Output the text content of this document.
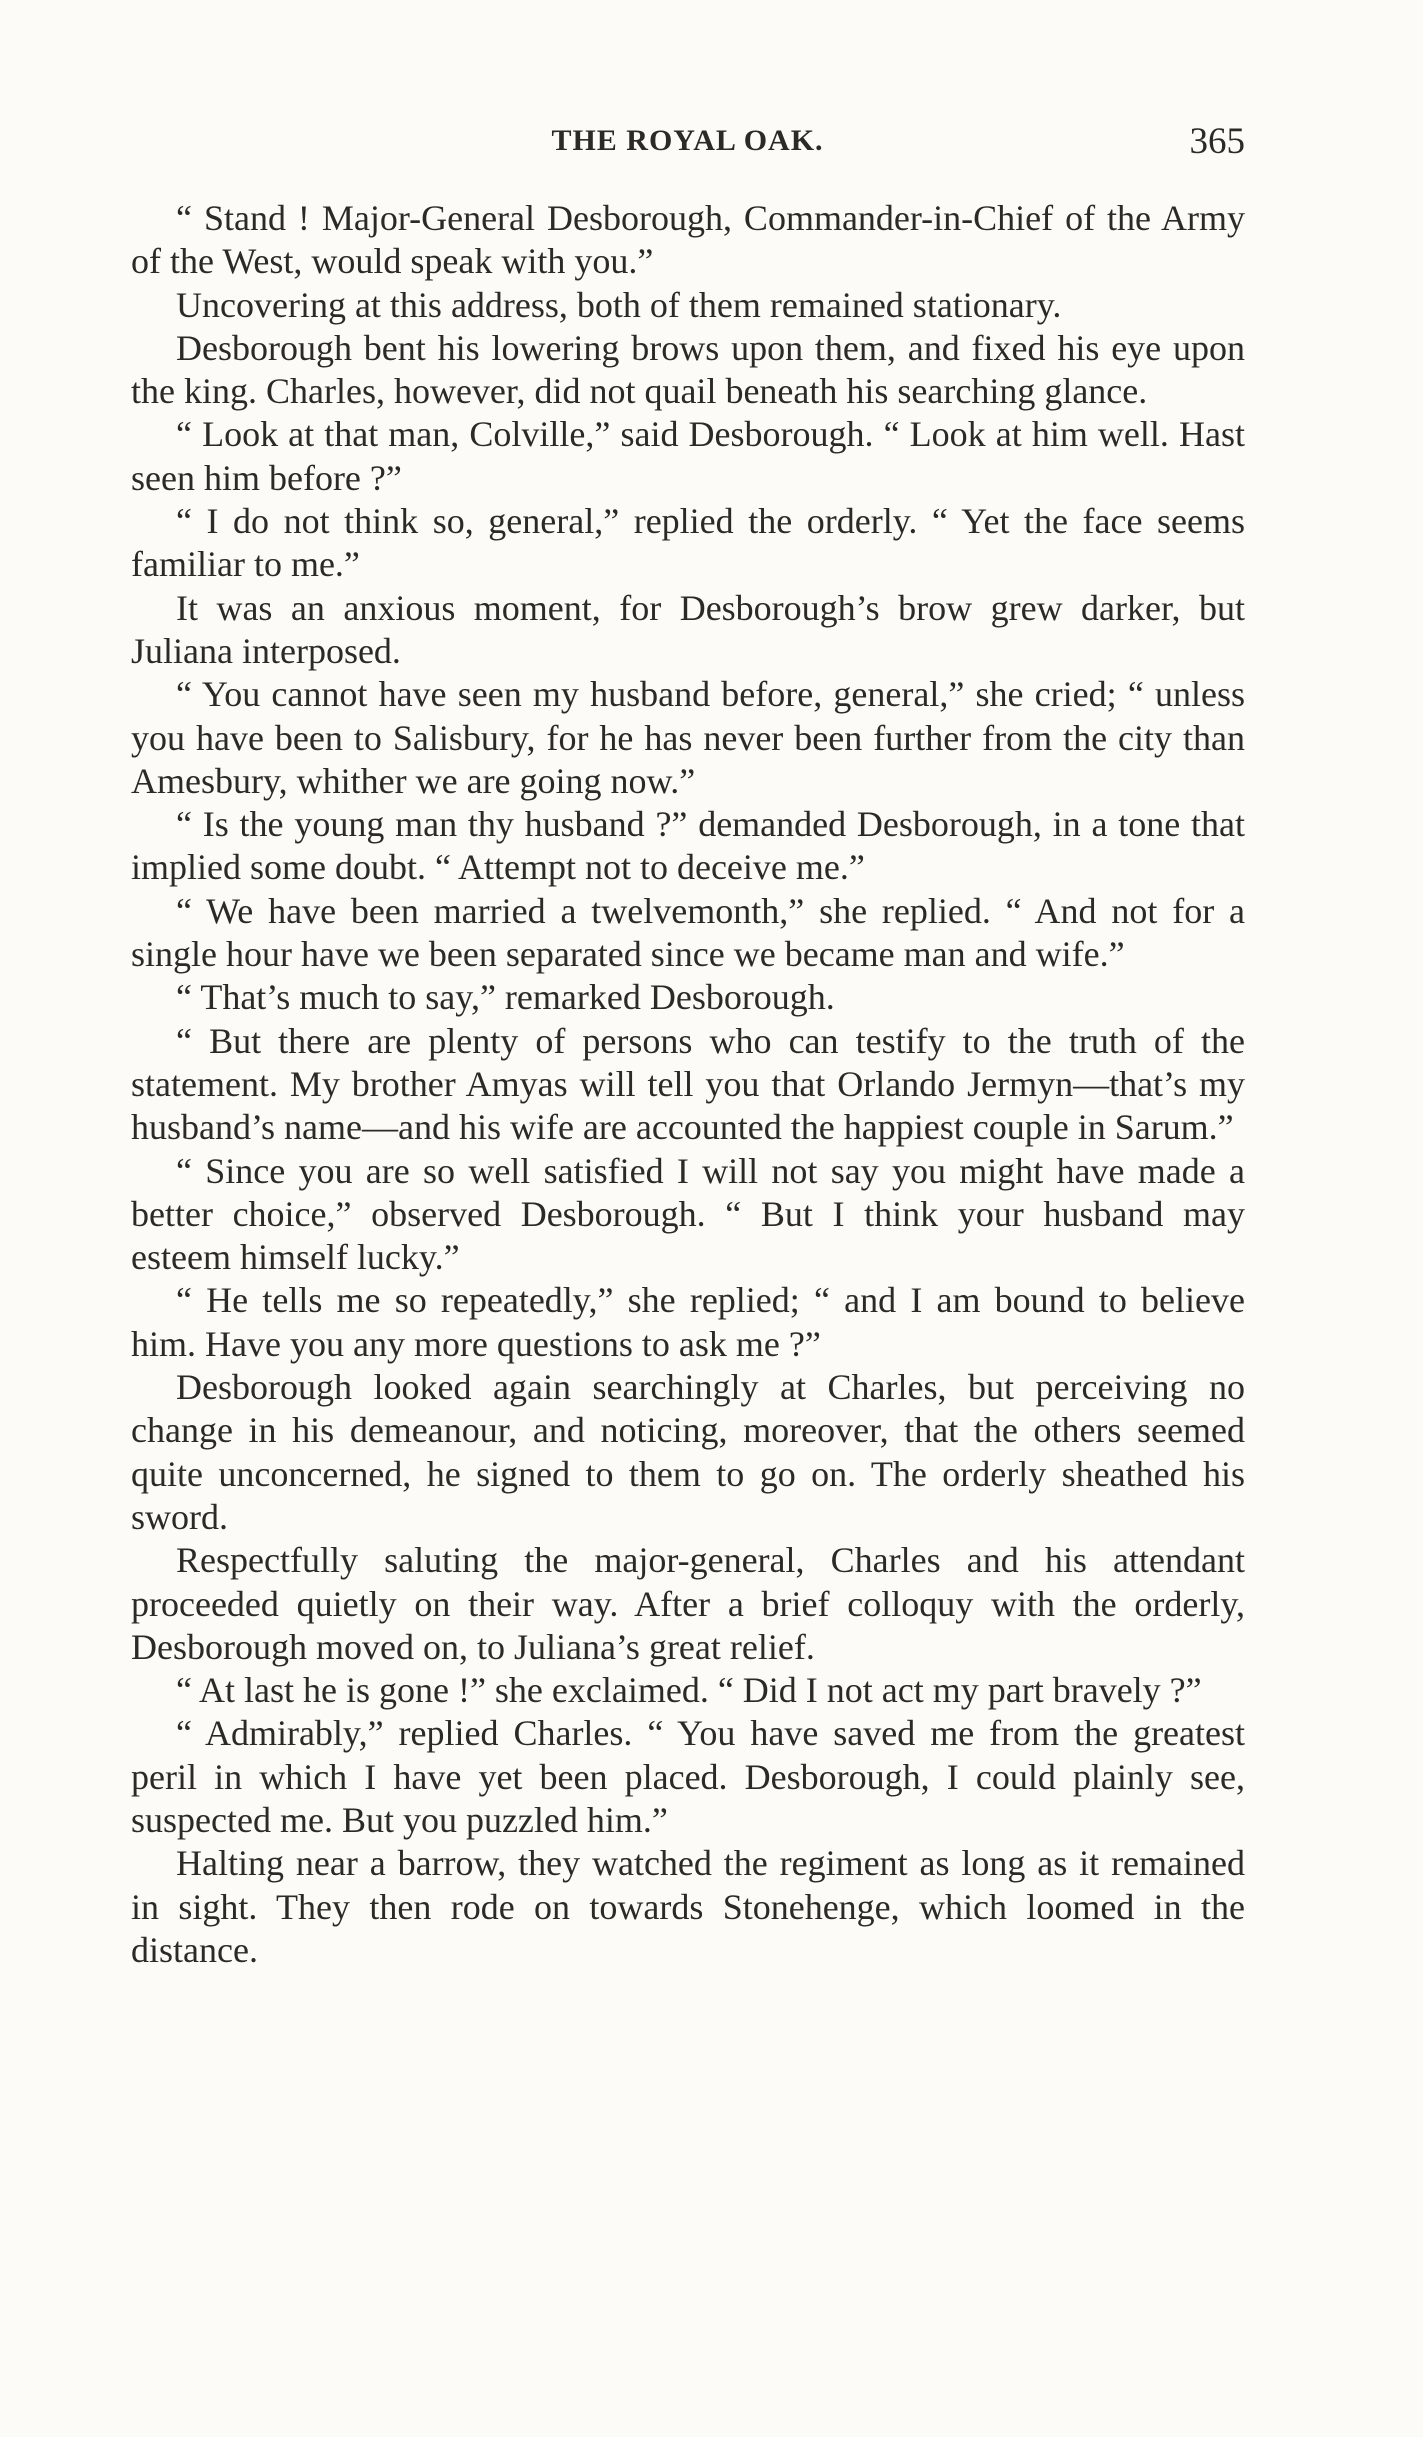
THE ROYAL OAK.	365

“ Stand ! Major-General Desborough, Commander-in-Chief of the Army of the West, would speak with you.”

Uncovering at this address, both of them remained stationary.

Desborough bent his lowering brows upon them, and fixed his eye upon the king. Charles, however, did not quail beneath his searching glance.

“ Look at that man, Colville,” said Desborough. “ Look at him well. Hast seen him before ?”

“ I do not think so, general,” replied the orderly. “ Yet the face seems familiar to me.”

It was an anxious moment, for Desborough’s brow grew darker, but Juliana interposed.

“ You cannot have seen my husband before, general,” she cried; “ unless you have been to Salisbury, for he has never been further from the city than Amesbury, whither we are going now.”

“ Is the young man thy husband ?” demanded Desborough, in a tone that implied some doubt. “ Attempt not to deceive me.”

“ We have been married a twelvemonth,” she replied. “ And not for a single hour have we been separated since we became man and wife.”

“ That’s much to say,” remarked Desborough.

“ But there are plenty of persons who can testify to the truth of the statement. My brother Amyas will tell you that Orlando Jermyn—that’s my husband’s name—and his wife are accounted the happiest couple in Sarum.”

“ Since you are so well satisfied I will not say you might have made a better choice,” observed Desborough. “ But I think your husband may esteem himself lucky.”

“ He tells me so repeatedly,” she replied; “ and I am bound to believe him. Have you any more questions to ask me ?”

Desborough looked again searchingly at Charles, but perceiving no change in his demeanour, and noticing, moreover, that the others seemed quite unconcerned, he signed to them to go on. The orderly sheathed his sword.

Respectfully saluting the major-general, Charles and his attendant proceeded quietly on their way. After a brief colloquy with the orderly, Desborough moved on, to Juliana’s great relief.

“ At last he is gone !” she exclaimed. “ Did I not act my part bravely ?”

“ Admirably,” replied Charles. “ You have saved me from the greatest peril in which I have yet been placed. Desborough, I could plainly see, suspected me. But you puzzled him.”

Halting near a barrow, they watched the regiment as long as it remained in sight. They then rode on towards Stonehenge, which loomed in the distance.
